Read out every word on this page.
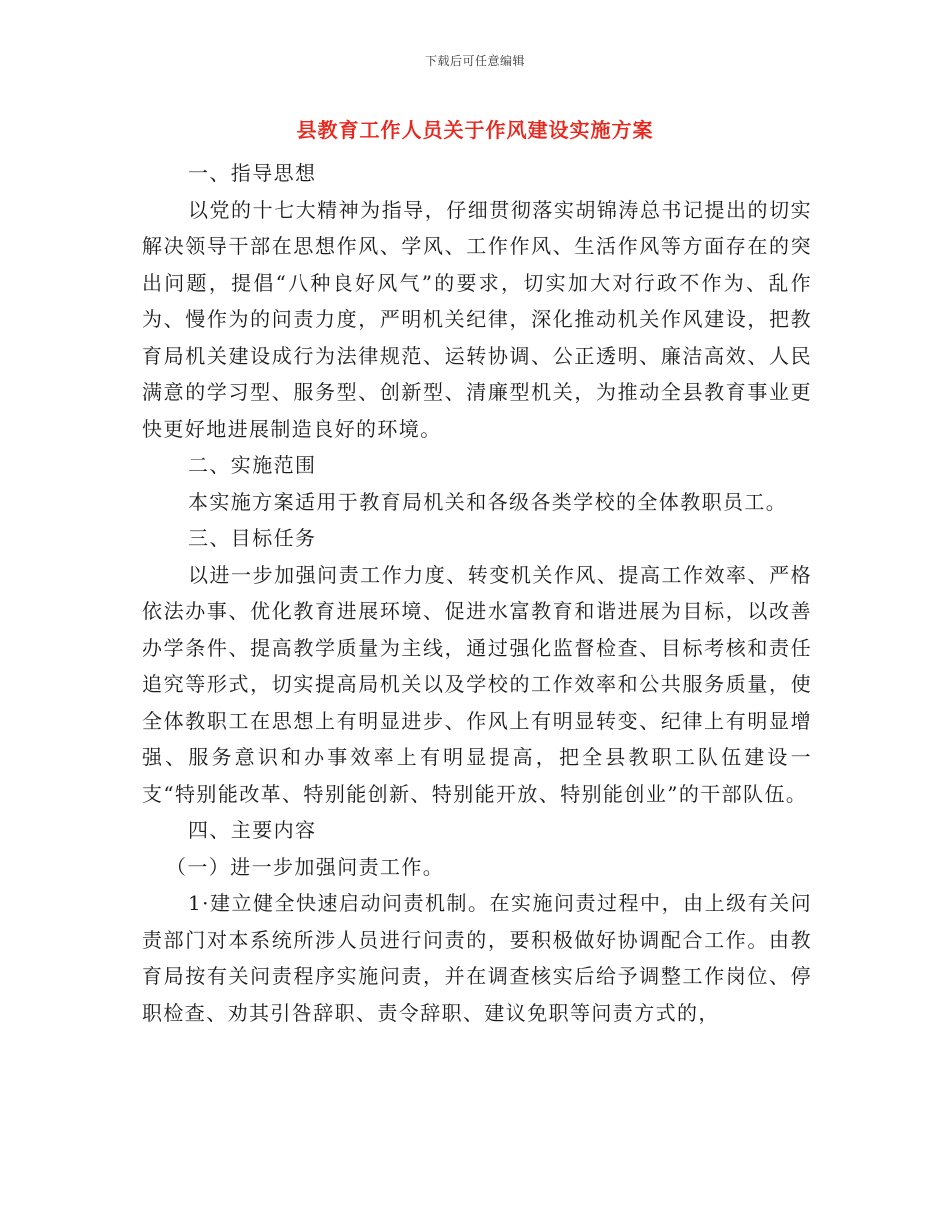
下载后可任意编辑
县教育工作人员关于作风建设实施方案

一、指导思想

以党的十七大精神为指导，仔细贯彻落实胡锦涛总书记提出的切实解决领导干部在思想作风、学风、工作作风、生活作风等方面存在的突出问题，提倡“八种良好风气”的要求，切实加大对行政不作为、乱作为、慢作为的问责力度，严明机关纪律，深化推动机关作风建设，把教育局机关建设成行为法律规范、运转协调、公正透明、廉洁高效、人民满意的学习型、服务型、创新型、清廉型机关，为推动全县教育事业更快更好地进展制造良好的环境。

二、实施范围

本实施方案适用于教育局机关和各级各类学校的全体教职员工。

三、目标任务

以进一步加强问责工作力度、转变机关作风、提高工作效率、严格依法办事、优化教育进展环境、促进水富教育和谐进展为目标，以改善办学条件、提高教学质量为主线，通过强化监督检查、目标考核和责任追究等形式，切实提高局机关以及学校的工作效率和公共服务质量，使全体教职工在思想上有明显进步、作风上有明显转变、纪律上有明显增强、服务意识和办事效率上有明显提高，把全县教职工队伍建设一支“特别能改革、特别能创新、特别能开放、特别能创业”的干部队伍。

四、主要内容

（一）进一步加强问责工作。

1·建立健全快速启动问责机制。在实施问责过程中，由上级有关问责部门对本系统所涉人员进行问责的，要积极做好协调配合工作。由教育局按有关问责程序实施问责，并在调查核实后给予调整工作岗位、停职检查、劝其引咎辞职、责令辞职、建议免职等问责方式的，
